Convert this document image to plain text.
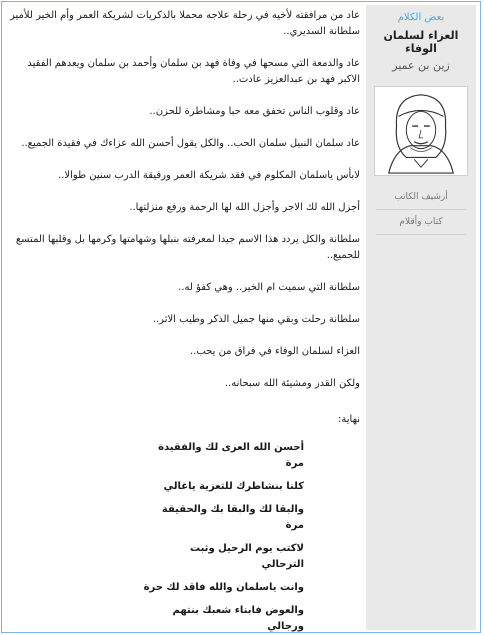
بعض الكلام
العزاء لسلمان الوفاء
زين بن عمير
أرشيف الكاتب
كتاب وأقلام

عاد من مرافقته لأخيه في رحلة علاجه محملا بالذكريات لشريكة العمر وأم الخير للأمير سلطانة السديري..

عاد والدمعة التي مسحها في وفاة فهد بن سلمان وأحمد بن سلمان ويعدهم الفقيد الاكبر فهد بن عبدالعزيز عادت..

عاد وقلوب الناس تخفق معه حبا ومشاطرة للحزن..

عاد سلمان النبيل سلمان الحب.. والكل يقول أحسن الله عزاءك في فقيدة الجميع..

لابأس ياسلمان المكلوم في فقد شريكة العمر ورفيقة الدرب سنين طوالا..

أجزل الله لك الاجر وأجزل الله لها الرحمة ورفع منزلتها..

سلطانة والكل يردد هذا الاسم جيدا لمعرفته بنبلها وشهامتها وكرمها بل وقلبها المتسع للجميع..

سلطانة التي سميت ام الخير.. وهي كفؤ له..

سلطانة رحلت وبقي منها جميل الذكر وطيب الاثر..

العزاء لسلمان الوفاء في فراق من يحب..

ولكن القدر ومشيئة الله سبحانه..

نهاية:
أحسن الله العزى لك والفقيدة
مرة
كلنا بنشاطرك للتعزية ياغالي
والبقا لك والبقا بك والحقيقة
مرة
لاكتب يوم الرحيل وثبت
الترحالي
وانت ياسلمان والله فاقد لك حرة
والعوض فابناء شعبك بنتهم
ورجالي
